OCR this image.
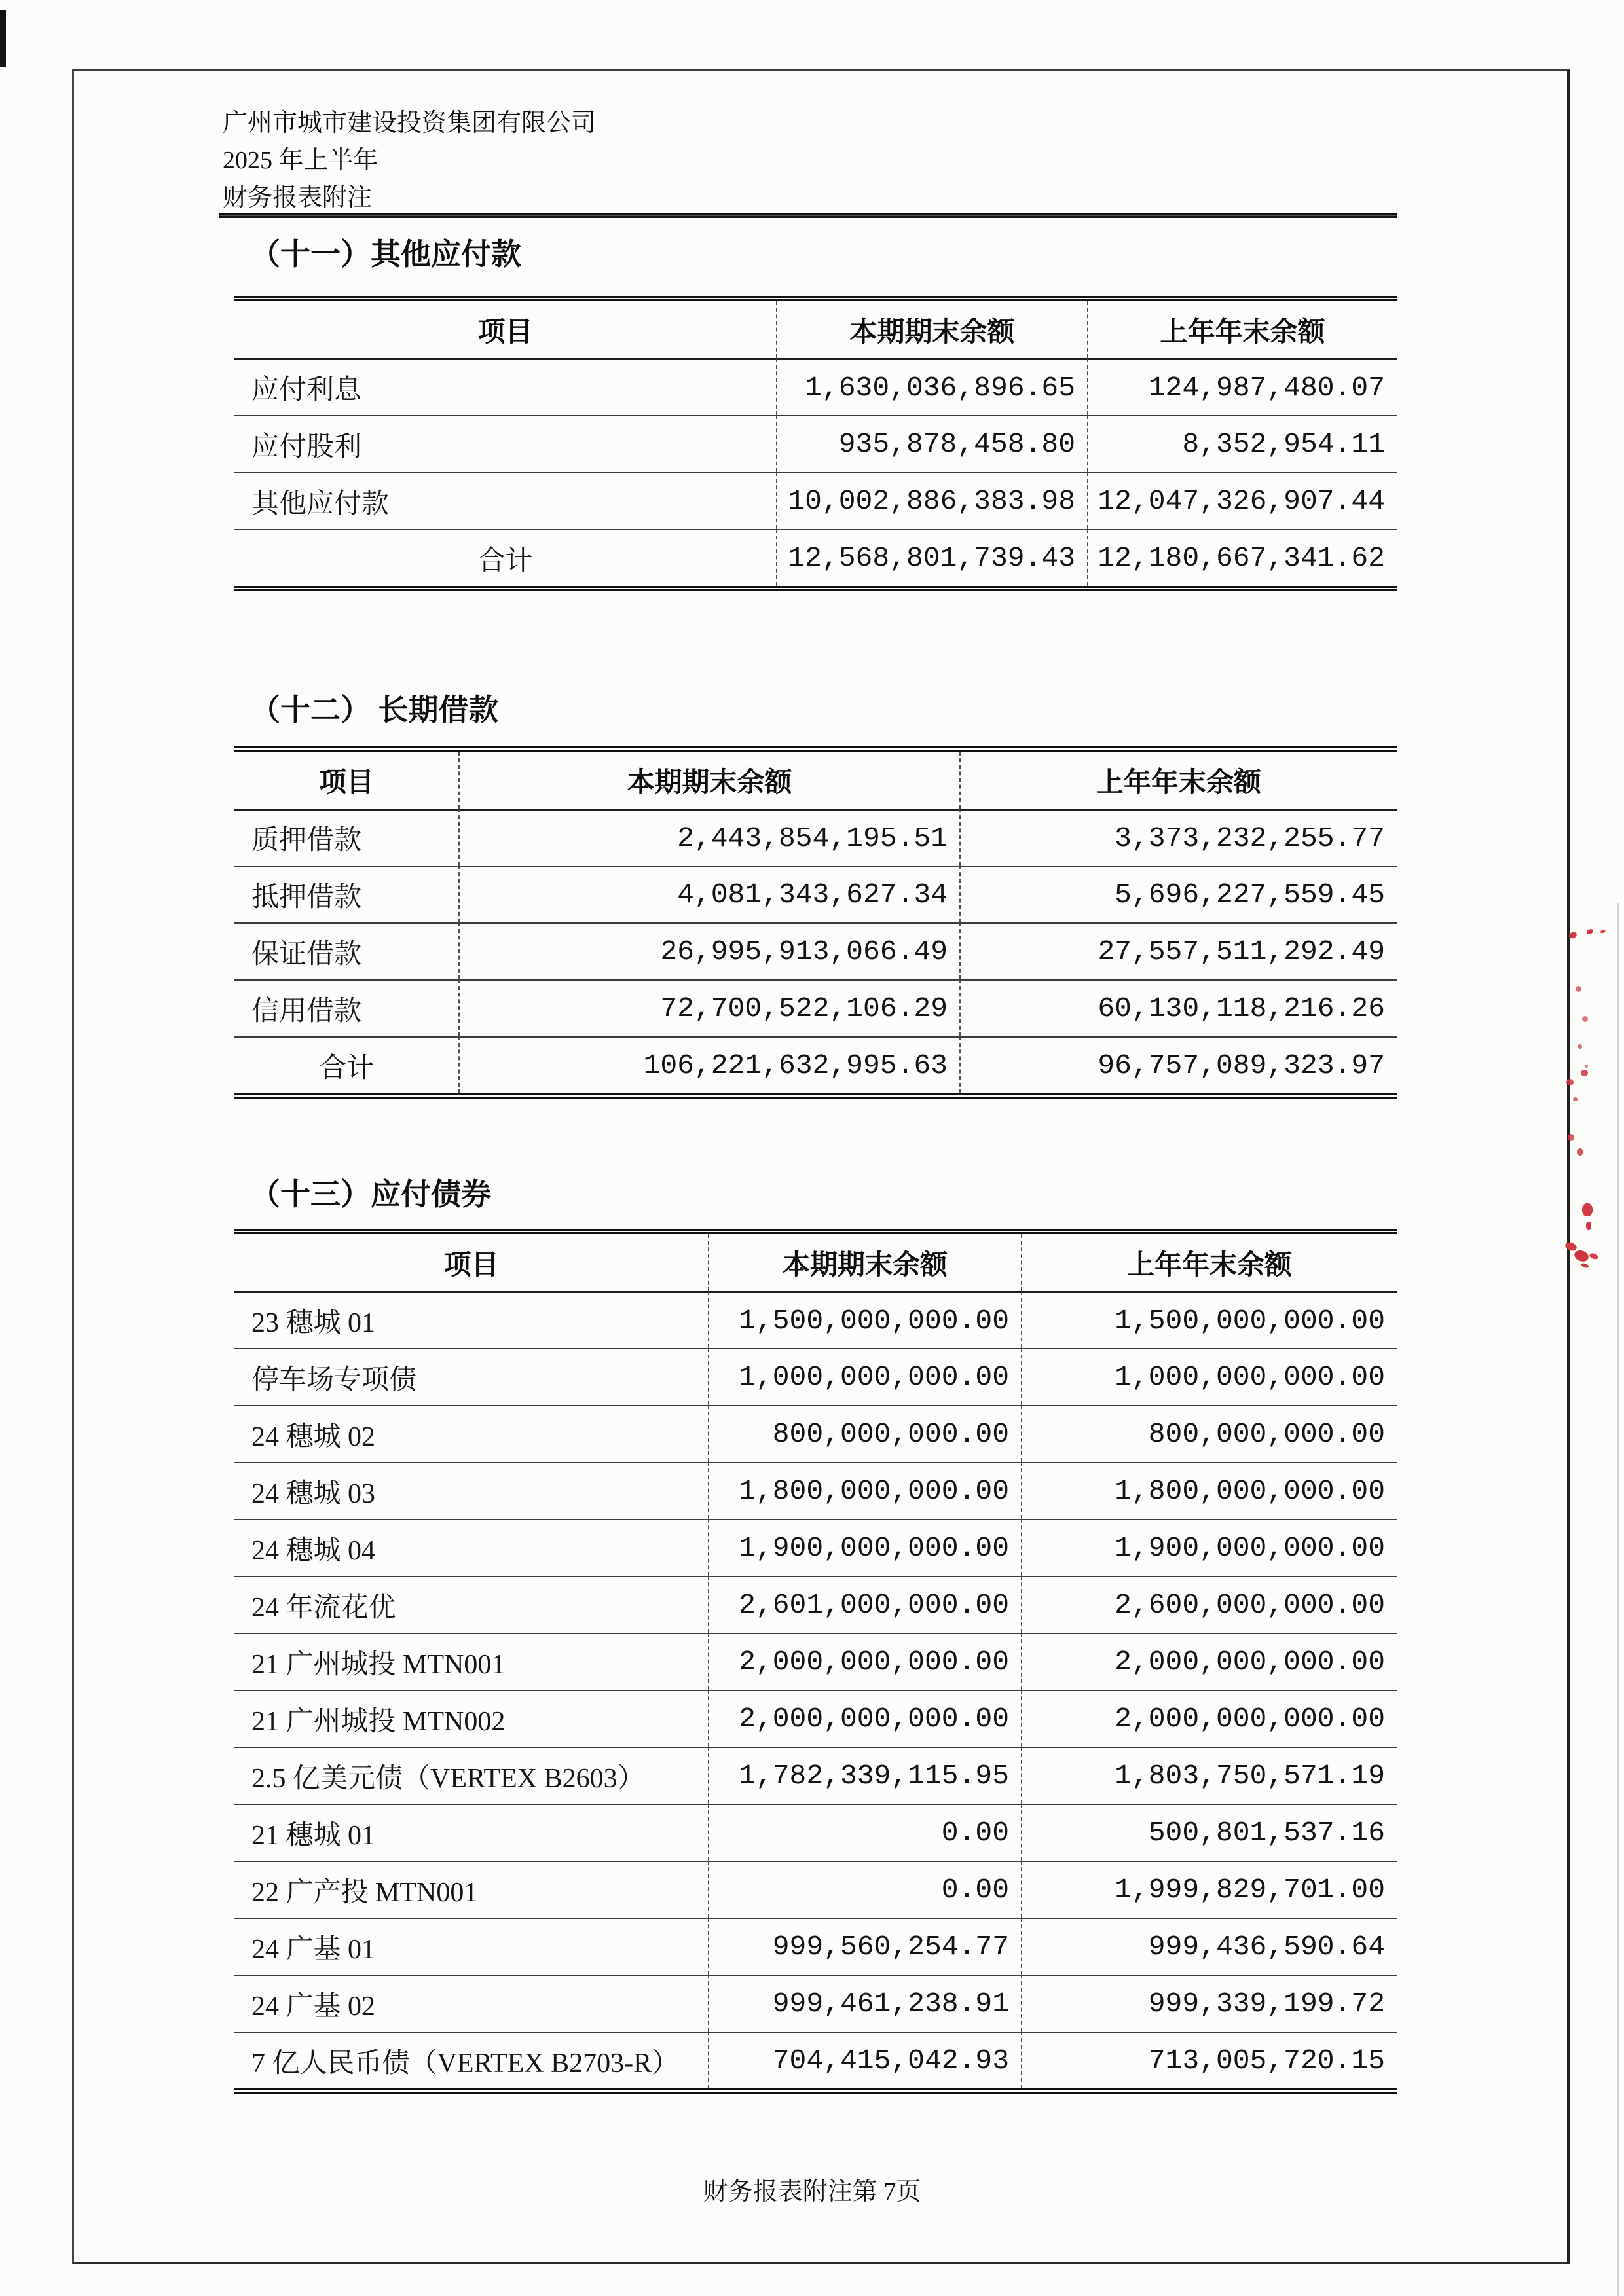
广州市城市建设投资集团有限公司
2025 年上半年
财务报表附注
（十一）其他应付款
项目	本期期末余额	上年年末余额
应付利息	1,630,036,896.65	124,987,480.07
应付股利	935,878,458.80	8,352,954.11
其他应付款	10,002,886,383.98 12,047,326,907.44
合计	12,568,801,739.43 12,180,667,341.62
（十二） 长期借款
项目	本期期末余额	上年年末余额
质押借款	2,443,854,195.51	3,373,232,255.77
抵押借款	4,081,343,627.34	5,696,227,559.45
保证借款	26,995,913,066.49	27,557,511,292.49
信用借款	72,700,522,106.29	60,130,118,216.26
合计	106,221,632,995.63	96,757,089,323.97
（十三）应付债券
项目	本期期末余额	上年年末余额
23 穗城 01	1,500,000,000.00	1,500,000,000.00
停车场专项债	1,000,000,000.00	1,000,000,000.00
24 穗城 02	800,000,000.00	800,000,000.00
24 穗城 03	1,800,000,000.00	1,800,000,000.00
24 穗城 04	1,900,000,000.00	1,900,000,000.00
24 年流花优	2,601,000,000.00	2,600,000,000.00
21 广州城投 MTN001	2,000,000,000.00	2,000,000,000.00
21 广州城投 MTN002	2,000,000,000.00	2,000,000,000.00
2.5 亿美元债（VERTEX B2603）	1,782,339,115.95	1,803,750,571.19
21 穗城 01	0.00	500,801,537.16
22 广产投 MTN001	0.00	1,999,829,701.00
24 广基 01	999,560,254.77	999,436,590.64
24 广基 02	999,461,238.91	999,339,199.72
7 亿人民币债（VERTEX B2703-R）	704,415,042.93	713,005,720.15
财务报表附注第 7页
